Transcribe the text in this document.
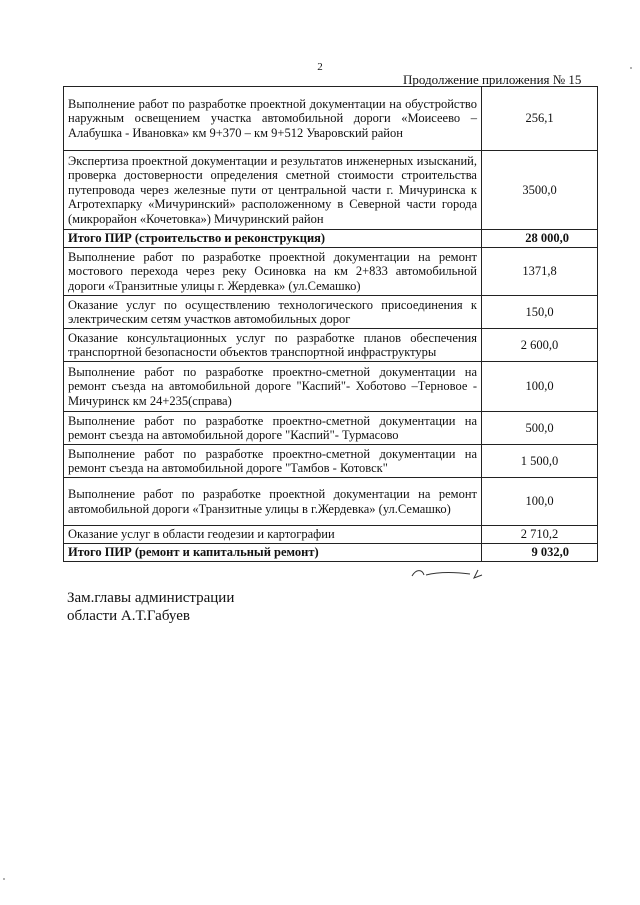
2
Продолжение приложения № 15
Выполнение работ по разработке проектной документации на обустройство наружным освещением участка автомобильной дороги «Моисеево – Алабушка - Ивановка» км 9+370 – км 9+512 Уваровский район	256,1
Экспертиза проектной документации и результатов инженерных изысканий, проверка достоверности определения сметной стоимости строительства путепровода через железные пути от центральной части г. Мичуринска к Агротехпарку «Мичуринский» расположенному в Северной части города (микрорайон «Кочетовка») Мичуринский район	3500,0
Итого ПИР (строительство и реконструкция)	28 000,0
Выполнение работ по разработке проектной документации на ремонт мостового перехода через реку Осиновка на км 2+833 автомобильной дороги «Транзитные улицы г. Жердевка» (ул.Семашко)	1371,8
Оказание услуг по осуществлению технологического присоединения к электрическим сетям участков автомобильных дорог	150,0
Оказание консультационных услуг по разработке планов обеспечения транспортной безопасности объектов транспортной инфраструктуры	2 600,0
Выполнение работ по разработке проектно-сметной документации на ремонт съезда на автомобильной дороге "Каспий"- Хоботово –Терновое - Мичуринск км 24+235(справа)	100,0
Выполнение работ по разработке проектно-сметной документации на ремонт съезда на автомобильной дороге "Каспий"- Турмасово	500,0
Выполнение работ по разработке проектно-сметной документации на ремонт съезда на автомобильной дороге "Тамбов - Котовск"	1 500,0
Выполнение работ по разработке проектной документации на ремонт автомобильной дороги «Транзитные улицы в г.Жердевка» (ул.Семашко)	100,0
Оказание услуг в области геодезии и картографии	2 710,2
Итого ПИР (ремонт и капитальный ремонт)	9 032,0
Зам.главы администрации
области А.Т.Габуев
